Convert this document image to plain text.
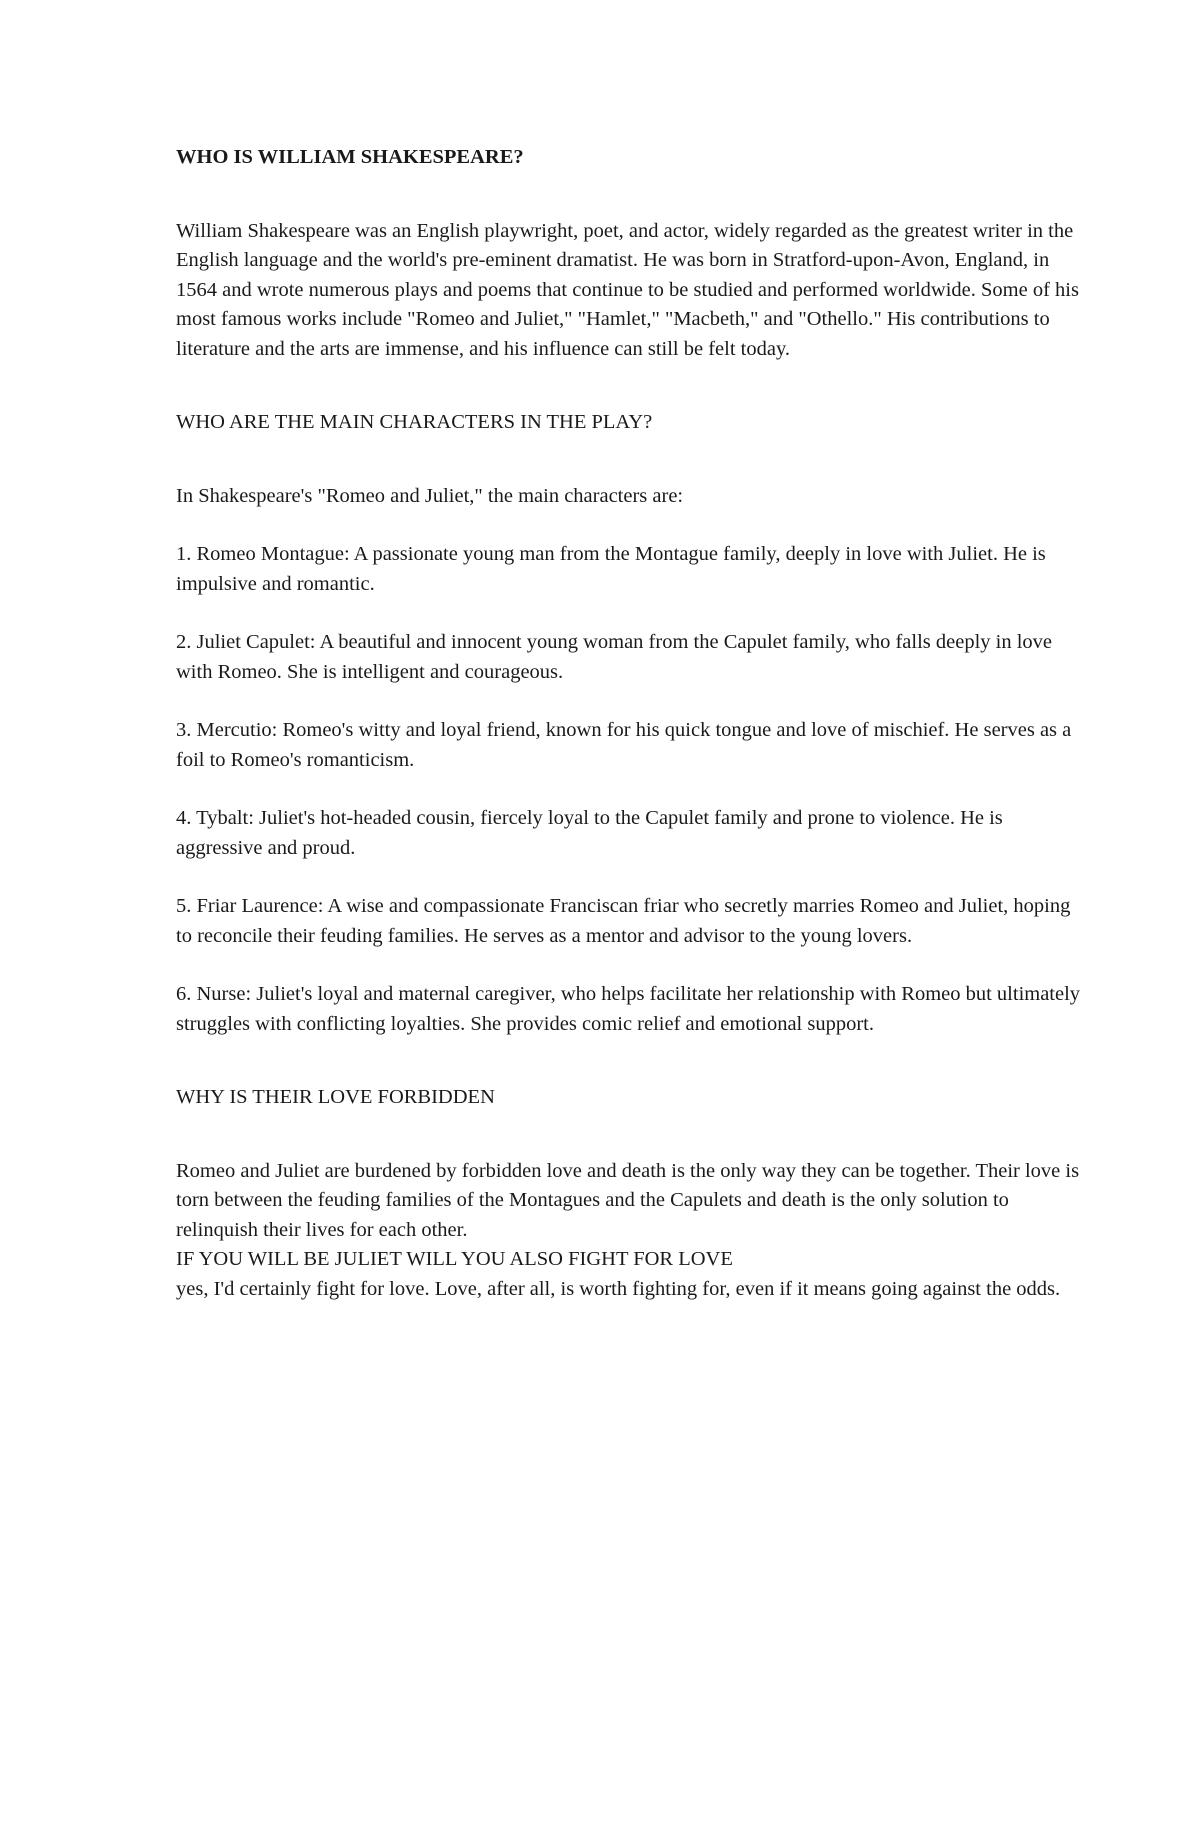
WHO IS WILLIAM SHAKESPEARE?

William Shakespeare was an English playwright, poet, and actor, widely regarded as the greatest writer in the English language and the world's pre-eminent dramatist. He was born in Stratford-upon-Avon, England, in 1564 and wrote numerous plays and poems that continue to be studied and performed worldwide. Some of his most famous works include "Romeo and Juliet," "Hamlet," "Macbeth," and "Othello." His contributions to literature and the arts are immense, and his influence can still be felt today.

WHO ARE THE MAIN CHARACTERS IN THE PLAY?

In Shakespeare's "Romeo and Juliet," the main characters are:

1. Romeo Montague: A passionate young man from the Montague family, deeply in love with Juliet. He is impulsive and romantic.

2. Juliet Capulet: A beautiful and innocent young woman from the Capulet family, who falls deeply in love with Romeo. She is intelligent and courageous.

3. Mercutio: Romeo's witty and loyal friend, known for his quick tongue and love of mischief. He serves as a foil to Romeo's romanticism.

4. Tybalt: Juliet's hot-headed cousin, fiercely loyal to the Capulet family and prone to violence. He is aggressive and proud.

5. Friar Laurence: A wise and compassionate Franciscan friar who secretly marries Romeo and Juliet, hoping to reconcile their feuding families. He serves as a mentor and advisor to the young lovers.

6. Nurse: Juliet's loyal and maternal caregiver, who helps facilitate her relationship with Romeo but ultimately struggles with conflicting loyalties. She provides comic relief and emotional support.

WHY IS THEIR LOVE FORBIDDEN

Romeo and Juliet are burdened by forbidden love and death is the only way they can be together. Their love is torn between the feuding families of the Montagues and the Capulets and death is the only solution to relinquish their lives for each other.

IF YOU WILL BE JULIET WILL YOU ALSO FIGHT FOR LOVE

yes, I'd certainly fight for love. Love, after all, is worth fighting for, even if it means going against the odds.
